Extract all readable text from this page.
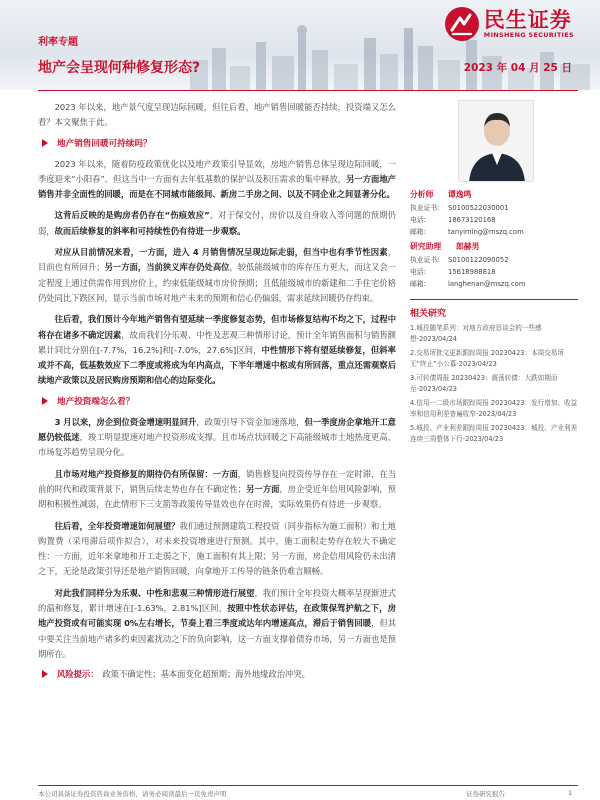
民生证券
MINSHENG SECURITIES
利率专题
地产会呈现何种修复形态?	2023 年 04 月 25 日

2023 年以来，地产景气度呈现边际回暖，但往后看，地产销售回暖能否持续，投资端又怎么看？本文聚焦于此。

地产销售回暖可持续吗？

2023 年以来，随着防疫政策优化以及地产政策引导显效，房地产销售总体呈现边际回暖，一季度迎来“小阳春”。但这当中一方面有去年低基数的保护以及积压需求的集中释放，另一方面地产销售并非全面性的回暖，而是在不同城市能级间、新房二手房之间、以及不同企业之间显著分化。

这背后反映的是购房者仍存在“伤痕效应”，对于保交付、房价以及自身收入等问题的预期仍弱，故而后续修复的斜率和可持续性仍有待进一步观察。

对应从目前情况来看，一方面，进入 4 月销售情况呈现边际走弱，但当中也有季节性因素，目前也有所回升；另一方面，当前狭义库存仍处高位，较低能级城市的库存压力更大，而这又会一定程度上通过供需作用到房价上，约束低能级城市房价预期；且低能级城市的新建和二手住宅价格仍处同比下跌区间，显示当前市场对地产未来的预期和信心仍偏弱，需求延续回暖仍存约束。

往后看，我们预计今年地产销售有望延续一季度修复态势，但市场修复结构不均之下，过程中将存在诸多不确定因素，故而我们分乐观、中性及悲观三种情形讨论，预计全年销售面积与销售额累计同比分别在[-7.7%，16.2%]和[-7.0%，27.6%]区间，中性情形下将有望延续修复，但斜率或并不高，低基数效应下二季度或将成为年内高点，下半年增速中枢或有所回落，重点还需观察后续地产政策以及居民购房预期和信心的边际变化。

地产投资端怎么看？

3 月以来，房企到位资金增速明显回升，政策引导下资金加速落地，但一季度房企拿地开工意愿仍较低迷，竣工明显提速对地产投资形成支撑。且市场点状回暖之下高能级城市土地热度更高，市场复苏趋势呈现分化。

且市场对地产投资修复的期待仍有所保留：一方面，销售修复向投资传导存在一定时滞，在当前的时代和政策背景下，销售后续走势也存在不确定性；另一方面，房企受近年信用风险影响，预期和积极性减弱，在此情形下三支箭等政策传导显效也存在时滞，实际效果仍有待进一步观察。

往后看，全年投资增速如何展望？我们通过预测建筑工程投资（同步指标为施工面积）和土地购置费（采用滞后项作拟合），对未来投资增速进行预测。其中，施工面积走势存在较大不确定性：一方面，近年来拿地和开工走弱之下，施工面积有其上限；另一方面，房企信用风险仍未出清之下，无论是政策引导还是地产销售回暖，向拿地开工传导的链条仍难言顺畅。

对此我们同样分为乐观、中性和悲观三种情形进行展望，我们预计全年投资大概率呈现渐进式的温和修复，累计增速在[-1.63%，2.81%]区间，按照中性状态评估，在政策保驾护航之下，房地产投资或有可能实现 0%左右增长，节奏上看三季度或达年内增速高点，滞后于销售回暖，但其中要关注当前地产诸多约束因素扰动之下的负向影响，这一方面支撑着债券市场，另一方面也是预期所在。

风险提示： 政策不确定性；基本面变化超预期；海外地缘政治冲突。
分析师	谭逸鸣
执业证书:	S0100522030001
电话:	18673120168
邮箱:	tanyiming@mszq.com
研究助理	郎赫男
执业证书:	S0100122090052
电话:	15618988818
邮箱:	langhenan@mszq.com
相关研究
1.城投随笔系列：对地方政府恳谈会的一些感想-2023/04/24
2.交易所批文更新跟踪周报 20230423：本周交易所无“终止”小公募-2023/04/23
3.可转债周报 20230423：震荡转债：大跌如期而至-2023/04/23
4.信用一二级市场跟踪周报 20230423：发行增加、收益率和信用利差普遍收窄-2023/04/23
5.城投、产业利差跟踪周报 20230423：城投、产业利差连续三周整体下行-2023/04/23
本公司具备证券投资咨询业务资格，请务必阅读最后一页免责声明	证券研究报告	1
